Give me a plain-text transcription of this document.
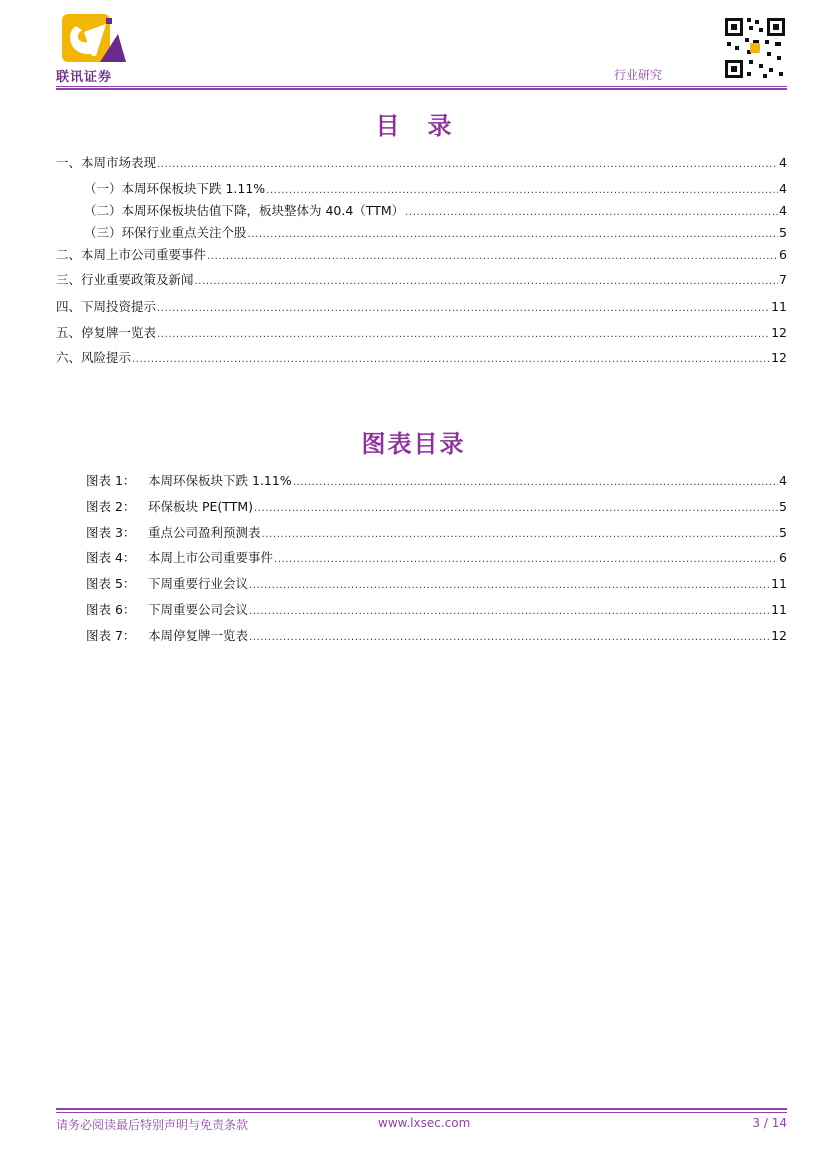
联讯证券	行业研究
目录
一、本周市场表现 .....	4
（一）本周环保板块下跌 1.11% .....	4
（二）本周环保板块估值下降，板块整体为 40.4（TTM） .....	4
（三）环保行业重点关注个股 .....	5
二、本周上市公司重要事件 .....	6
三、行业重要政策及新闻 .....	7
四、下周投资提示 .....	11
五、停复牌一览表 .....	12
六、风险提示 .....	12
图表目录
图表 1：	本周环保板块下跌 1.11% .....	4
图表 2：	环保板块 PE(TTM) .....	5
图表 3：	重点公司盈利预测表 .....	5
图表 4：	本周上市公司重要事件 .....	6
图表 5：	下周重要行业会议 .....	11
图表 6：	下周重要公司会议 .....	11
图表 7：	本周停复牌一览表 .....	12
请务必阅读最后特别声明与免责条款	www.lxsec.com	3 / 14
